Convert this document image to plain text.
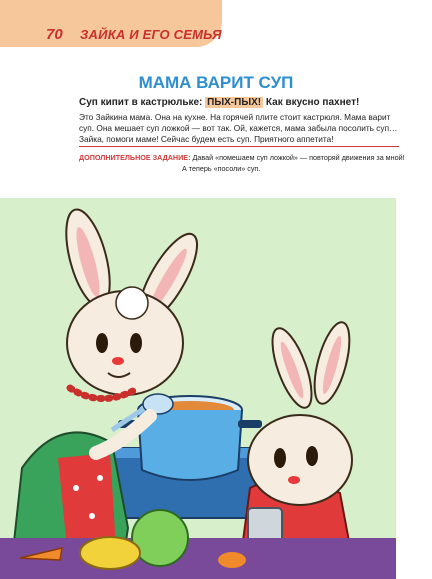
70 ЗАЙКА И ЕГО СЕМЬЯ
МАМА ВАРИТ СУП
Суп кипит в кастрюльке: ПЫХ-ПЫХ! Как вкусно пахнет!
Это Зайкина мама. Она на кухне. На горячей плите стоит кастрюля. Мама варит суп. Она мешает суп ложкой — вот так. Ой, кажется, мама забыла посолить суп… Зайка, помоги маме! Сейчас будем есть суп. Приятного аппетита!
ДОПОЛНИТЕЛЬНОЕ ЗАДАНИЕ: Давай «помешаем суп ложкой» — повторяй движения за мной!
А теперь «посоли» суп.
